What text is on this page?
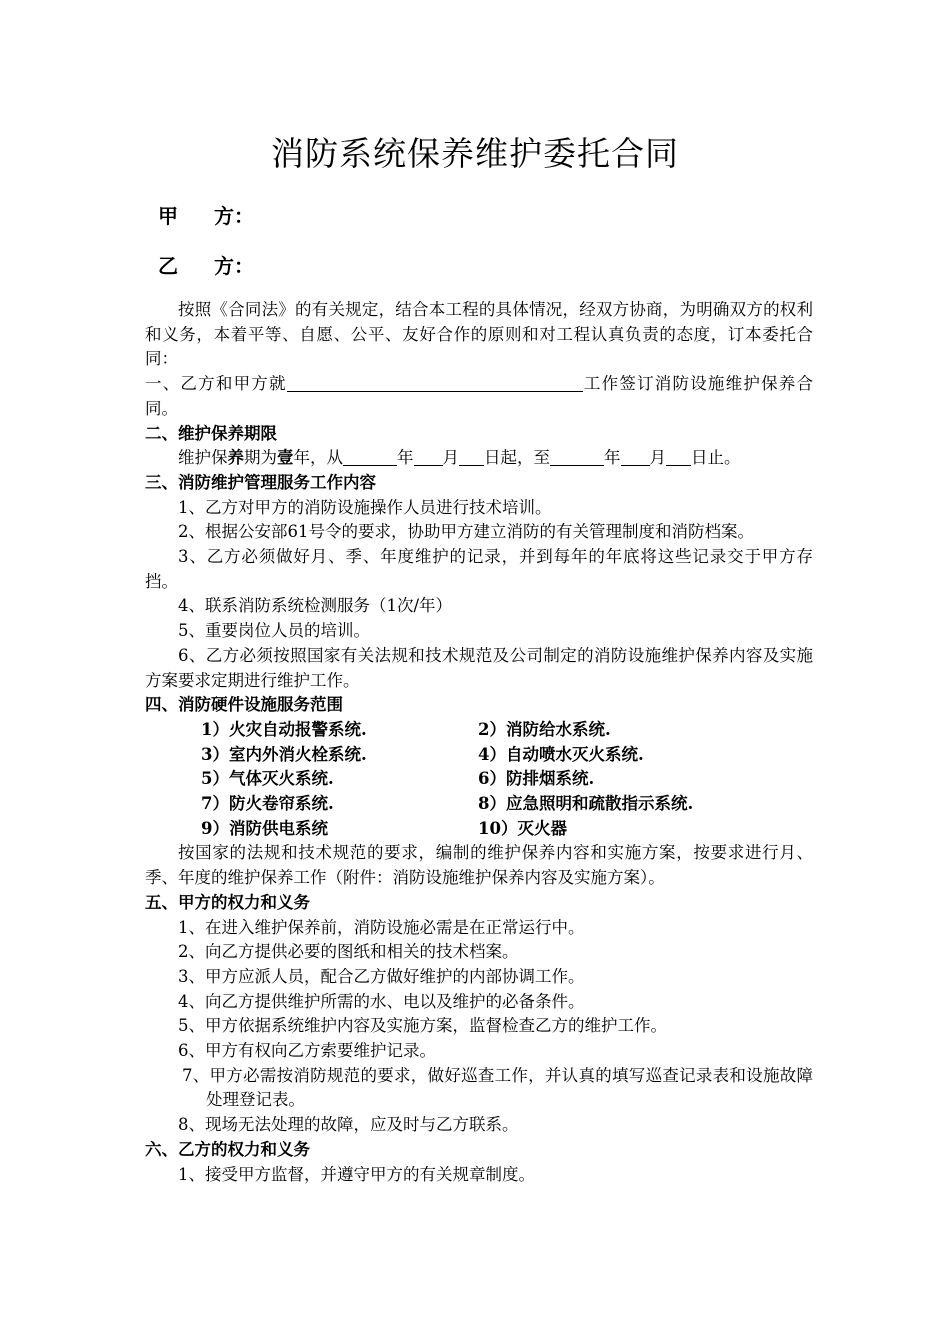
消防系统保养维护委托合同
甲 方：
乙 方：

按照《合同法》的有关规定，结合本工程的具体情况，经双方协商，为明确双方的权利和义务，本着平等、自愿、公平、友好合作的原则和对工程认真负责的态度，订本委托合同：

一、乙方和甲方就	工作签订消防设施维护保养合同。

二、维护保养期限

维护保养期为壹年，从	年 月 日起，至	年 月 日止。

三、消防维护管理服务工作内容

1、乙方对甲方的消防设施操作人员进行技术培训。

2、根据公安部61号令的要求，协助甲方建立消防的有关管理制度和消防档案。

3、乙方必须做好月、季、年度维护的记录，并到每年的年底将这些记录交于甲方存挡。

4、联系消防系统检测服务（1次/年）

5、重要岗位人员的培训。

6、乙方必须按照国家有关法规和技术规范及公司制定的消防设施维护保养内容及实施方案要求定期进行维护工作。

四、消防硬件设施服务范围

1）火灾自动报警系统.	2）消防给水系统.
3）室内外消火栓系统.	4）自动喷水灭火系统.
5）气体灭火系统.	6）防排烟系统.
7）防火卷帘系统.	8）应急照明和疏散指示系统.
9）消防供电系统	10）灭火器

按国家的法规和技术规范的要求，编制的维护保养内容和实施方案，按要求进行月、季、年度的维护保养工作（附件：消防设施维护保养内容及实施方案）。

五、甲方的权力和义务

1、在进入维护保养前，消防设施必需是在正常运行中。

2、向乙方提供必要的图纸和相关的技术档案。

3、甲方应派人员，配合乙方做好维护的内部协调工作。

4、向乙方提供维护所需的水、电以及维护的必备条件。

5、甲方依据系统维护内容及实施方案，监督检查乙方的维护工作。

6、甲方有权向乙方索要维护记录。

7、甲方必需按消防规范的要求，做好巡查工作，并认真的填写巡查记录表和设施故障处理登记表。

8、现场无法处理的故障，应及时与乙方联系。

六、乙方的权力和义务

1、接受甲方监督，并遵守甲方的有关规章制度。
